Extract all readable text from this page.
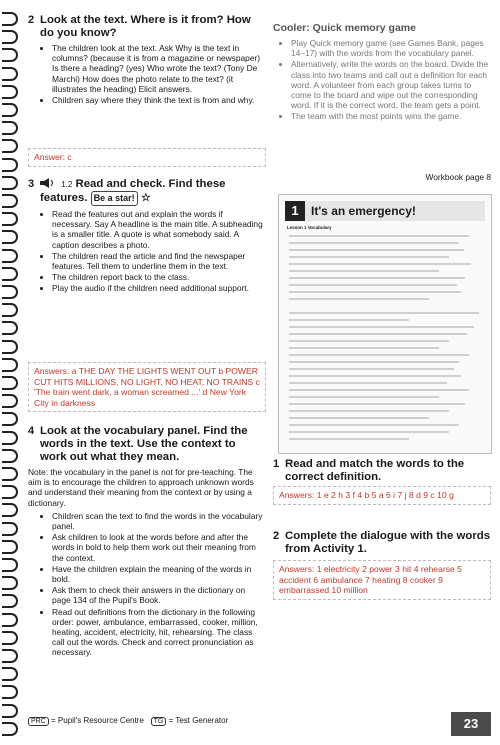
2 Look at the text. Where is it from? How do you know?
• The children look at the text. Ask Why is the text in columns? (because it is from a magazine or newspaper) Is there a heading? (yes) Who wrote the text? (Tony De Marchi) How does the photo relate to the text? (it illustrates the heading) Elicit answers.
• Children say where they think the text is from and why.
Answer: c
3	1.2 Read and check. Find these features. Be a star! ☆
• Read the features out and explain the words if necessary. Say A headline is the main title. A subheading is a smaller title. A quote is what somebody said. A caption describes a photo.
• The children read the article and find the newspaper features. Tell them to underline them in the text.
• The children report back to the class.
• Play the audio if the children need additional support.
Answers: a THE DAY THE LIGHTS WENT OUT b POWER CUT HITS MILLIONS, NO LIGHT, NO HEAT, NO TRAINS c 'The train went dark, a woman screamed ...' d New York City in darkness
4 Look at the vocabulary panel. Find the words in the text. Use the context to work out what they mean.
Note: the vocabulary in the panel is not for pre-teaching. The aim is to encourage the children to approach unknown words and understand their meaning from the context or by using a dictionary.
• Children scan the text to find the words in the vocabulary panel.
• Ask children to look at the words before and after the words in bold to help them work out their meaning from the context.
• Have the children explain the meaning of the words in bold.
• Ask them to check their answers in the dictionary on page 134 of the Pupil's Book.
• Read out definitions from the dictionary in the following order: power, ambulance, embarrassed, cooker, million, heating, accident, electricity, hit, rehearsing. The class call out the words. Check and correct pronunciation as necessary.
Cooler: Quick memory game
• Play Quick memory game (see Games Bank, pages 14–17) with the words from the vocabulary panel.
• Alternatively, write the words on the board. Divide the class into two teams and call out a definition for each word. A volunteer from each group takes turns to come to the board and wipe out the corresponding word. If it is the correct word, the team gets a point.
• The team with the most points wins the game.
Workbook page 8
1	It's an emergency!
Lesson 1 Vocabulary
1 Read and match the words to the correct definition.
Answers: 1 e 2 h 3 f 4 b 5 a 6 i 7 j 8 d 9 c 10 g
2 Complete the dialogue with the words from Activity 1.
Answers: 1 electricity 2 power 3 hit 4 rehearse 5 accident 6 ambulance 7 heating 8 cooker 9 embarrassed 10 million
PRC = Pupil's Resource Centre TG = Test Generator	23
